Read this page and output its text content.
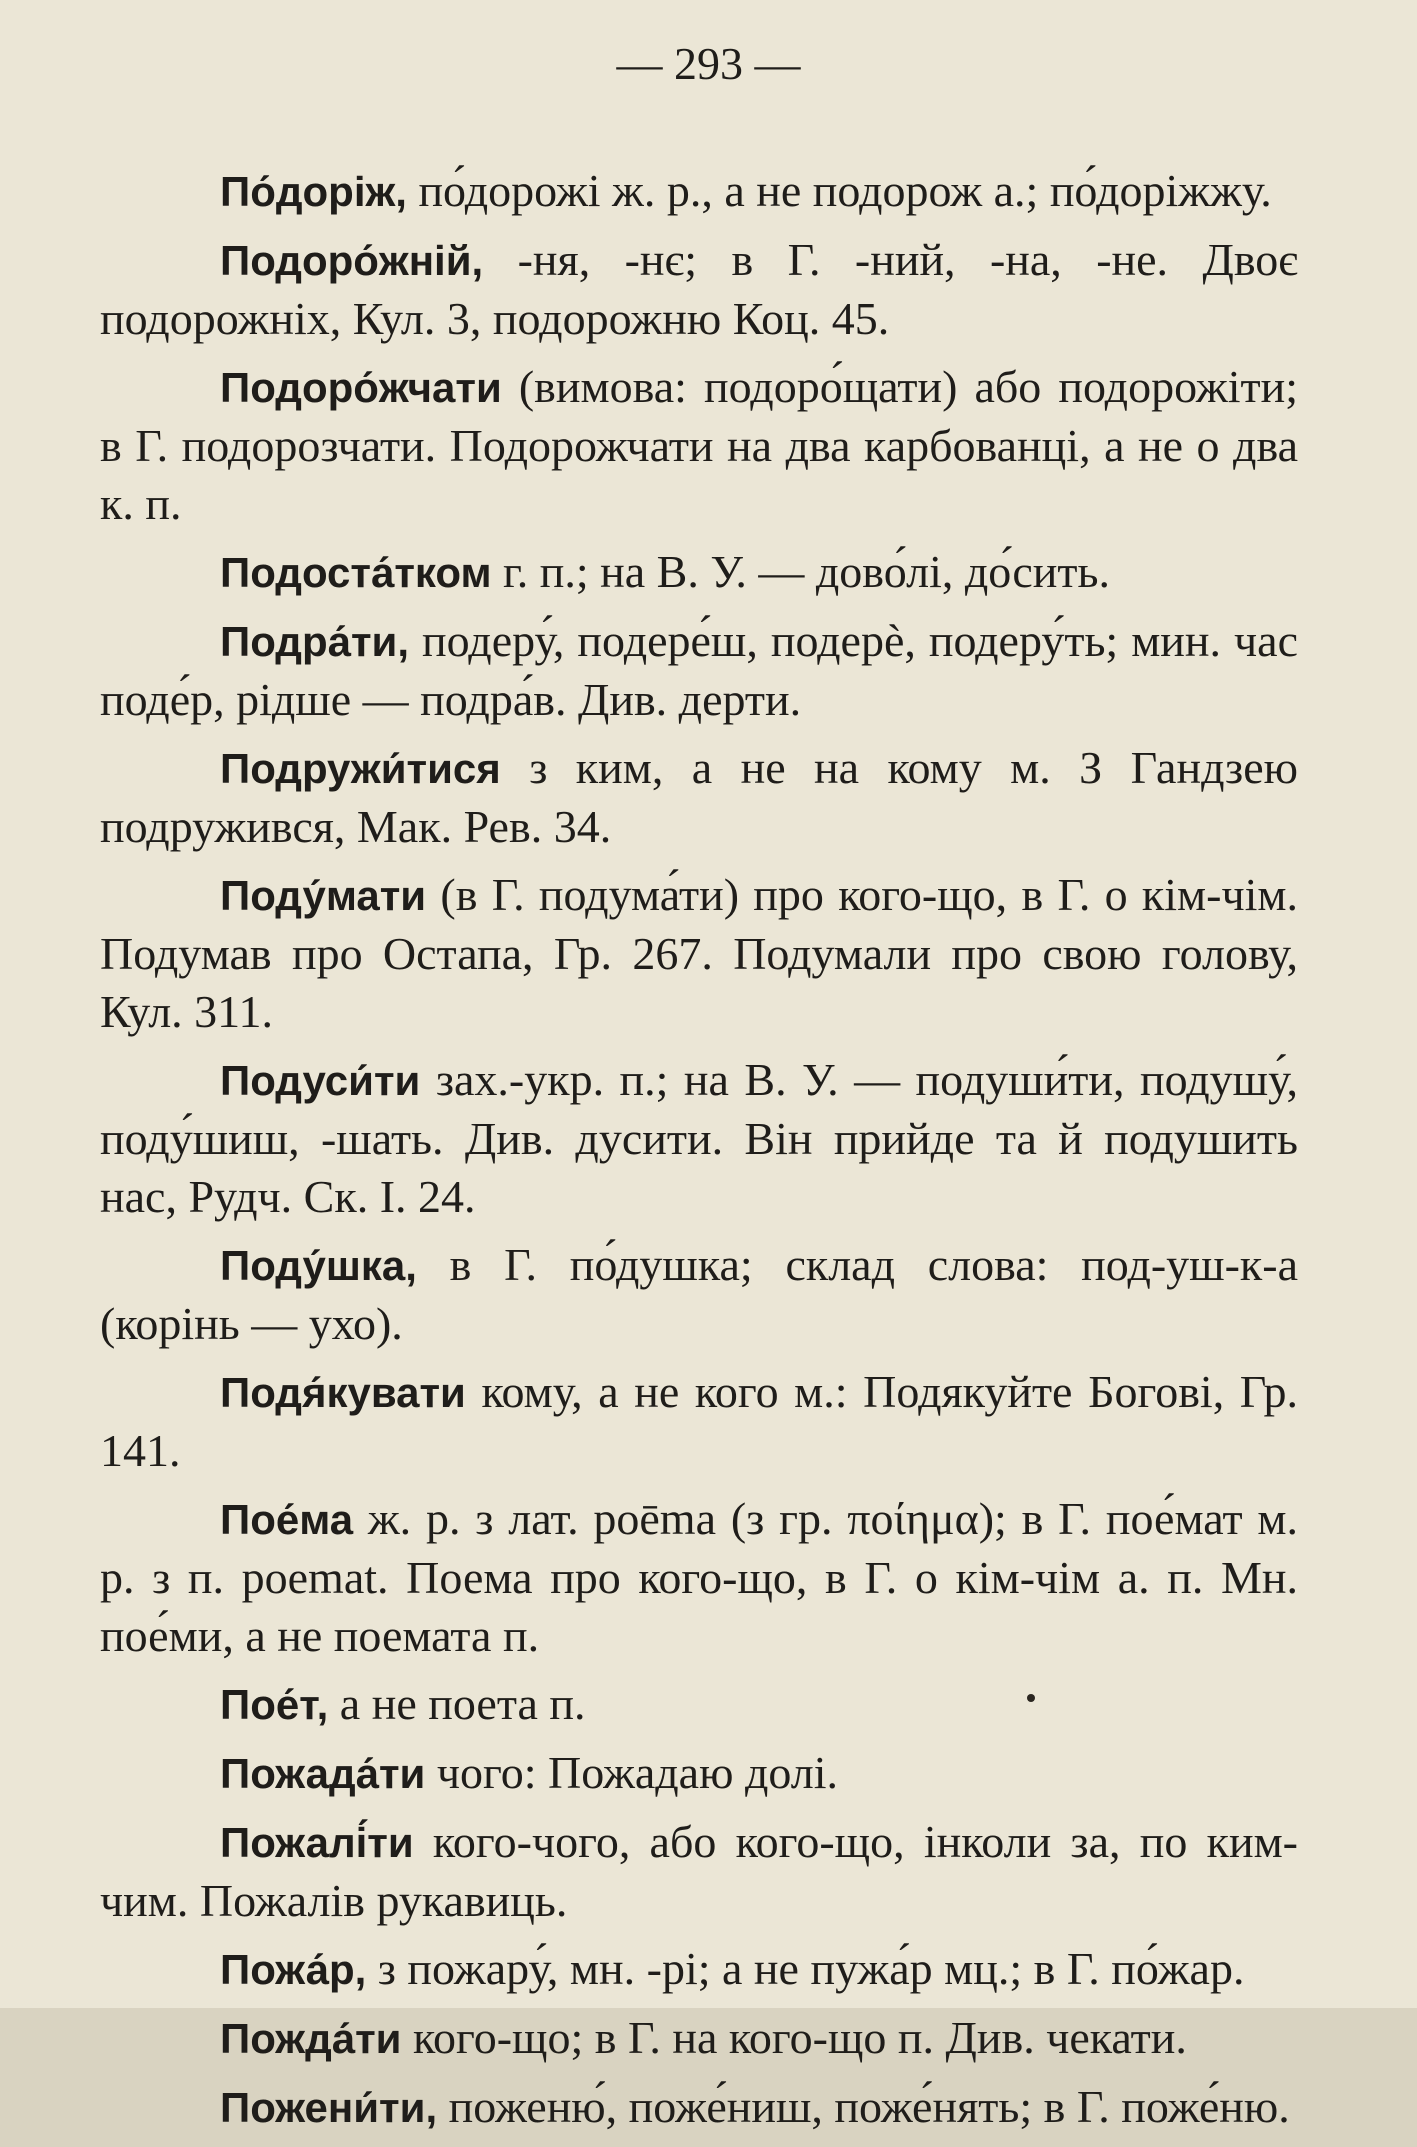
— 293 —

По́доріж, по́дорожі ж. р., а не подорож а.; по́доріжжу.

Подоро́жній, -ня, -нє; в Г. -ний, -на, -не. Двоє подорожніх, Кул. 3, подорожню Коц. 45.

Подоро́жчати (вимова: подоро́щати) або подорожіти; в Г. подорозчати. Подорожчати на два карбованці, а не о два к. п.

Подоста́тком г. п.; на В. У. — дово́лі, до́сить.

Подра́ти, подеру́, подере́ш, подерѐ, подеру́ть; мин. час поде́р, рідше — подра́в. Див. дерти.

Подружи́тися з ким, а не на кому м. З Гандзею подружився, Мак. Рев. 34.

Поду́мати (в Г. подума́ти) про кого-що, в Г. о кім-чім. Подумав про Остапа, Гр. 267. Подумали про свою голову, Кул. 311.

Подуси́ти зах.-укр. п.; на В. У. — подуши́ти, подушу́, поду́шиш, -шать. Див. дусити. Він прийде та й подушить нас, Рудч. Ск. I. 24.

Поду́шка, в Г. по́душка; склад слова: под-уш-к-а (корінь — ухо).

Подя́кувати кому, а не кого м.: Подякуйте Богові, Гр. 141.

Пое́ма ж. р. з лат. poēma (з гр. ποίημα); в Г. пое́мат м. р. з п. poemat. Поема про кого-що, в Г. о кім-чім а. п. Мн. пое́ми, а не поемата п.

Пое́т, а не поета п.

Пожада́ти чого: Пожадаю долі.

Пожалі́ти кого-чого, або кого-що, інколи за, по ким-чим. Пожалів рукавиць.

Пожа́р, з пожару́, мн. -рі; а не пужа́р мц.; в Г. по́жар.

Пожда́ти кого-що; в Г. на кого-що п. Див. чекати.

Пожени́ти, поженю́, поже́ниш, поже́нять; в Г. поже́ню.
